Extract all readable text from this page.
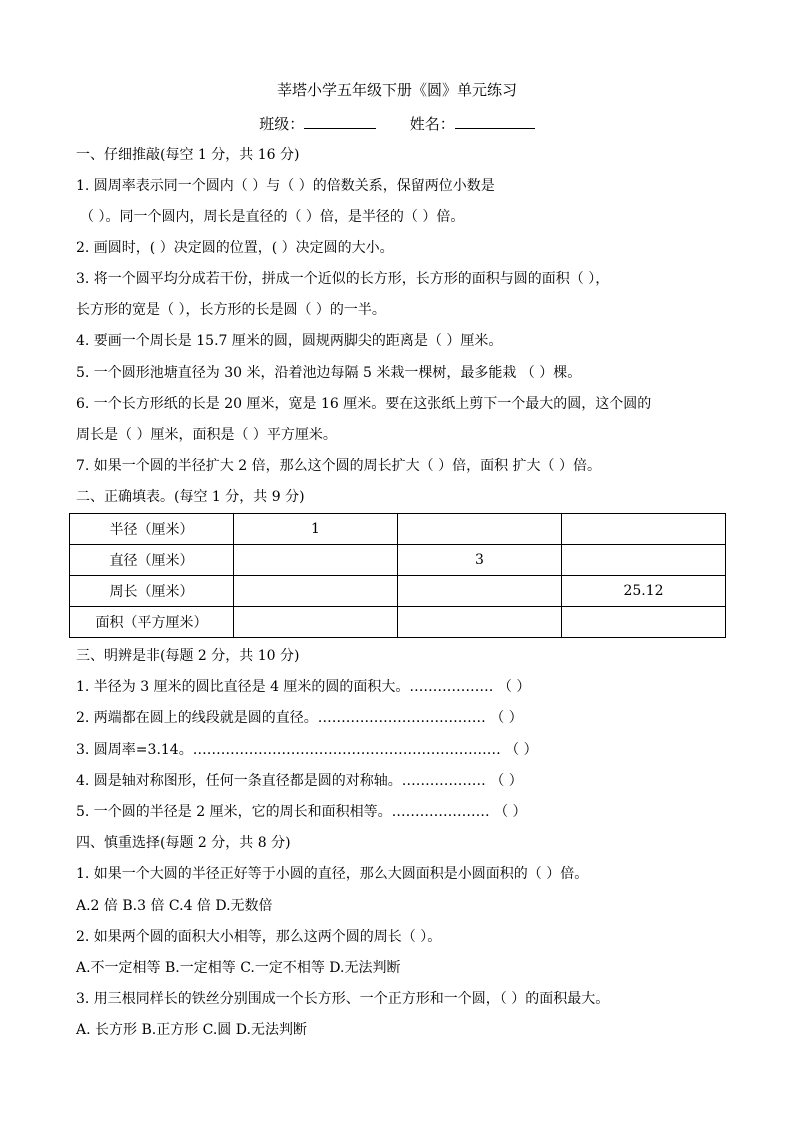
莘塔小学五年级下册《圆》单元练习
班级：	姓名：
一、仔细推敲(每空 1 分，共 16 分)
1. 圆周率表示同一个圆内（ ）与（ ）的倍数关系，保留两位小数是
（ ）。同一个圆内，周长是直径的（ ）倍，是半径的（ ）倍。
2. 画圆时，( ）决定圆的位置，( ）决定圆的大小。
3. 将一个圆平均分成若干份，拼成一个近似的长方形，长方形的面积与圆的面积（ ），
长方形的宽是（ ），长方形的长是圆（ ）的一半。
4. 要画一个周长是 15.7 厘米的圆，圆规两脚尖的距离是（ ）厘米。
5. 一个圆形池塘直径为 30 米，沿着池边每隔 5 米栽一棵树，最多能栽 （ ）棵。
6. 一个长方形纸的长是 20 厘米，宽是 16 厘米。要在这张纸上剪下一个最大的圆，这个圆的
周长是（ ）厘米，面积是（ ）平方厘米。
7. 如果一个圆的半径扩大 2 倍，那么这个圆的周长扩大（ ）倍，面积 扩大（ ）倍。
二、正确填表。(每空 1 分，共 9 分)
半径（厘米）	1		
直径（厘米）		3	
周长（厘米）			25.12
面积（平方厘米）			
三、明辨是非(每题 2 分，共 10 分)
1. 半径为 3 厘米的圆比直径是 4 厘米的圆的面积大。……………… （ ）
2. 两端都在圆上的线段就是圆的直径。……………………………… （ ）
3. 圆周率=3.14。………………………………………………………… （ ）
4. 圆是轴对称图形，任何一条直径都是圆的对称轴。……………… （ ）
5. 一个圆的半径是 2 厘米，它的周长和面积相等。………………… （ ）
四、慎重选择(每题 2 分，共 8 分)
1. 如果一个大圆的半径正好等于小圆的直径，那么大圆面积是小圆面积的（ ）倍。
A.2 倍 B.3 倍 C.4 倍 D.无数倍
2. 如果两个圆的面积大小相等，那么这两个圆的周长（ ）。
A.不一定相等 B.一定相等 C.一定不相等 D.无法判断
3. 用三根同样长的铁丝分别围成一个长方形、一个正方形和一个圆，（ ）的面积最大。
A. 长方形 B.正方形 C.圆 D.无法判断
